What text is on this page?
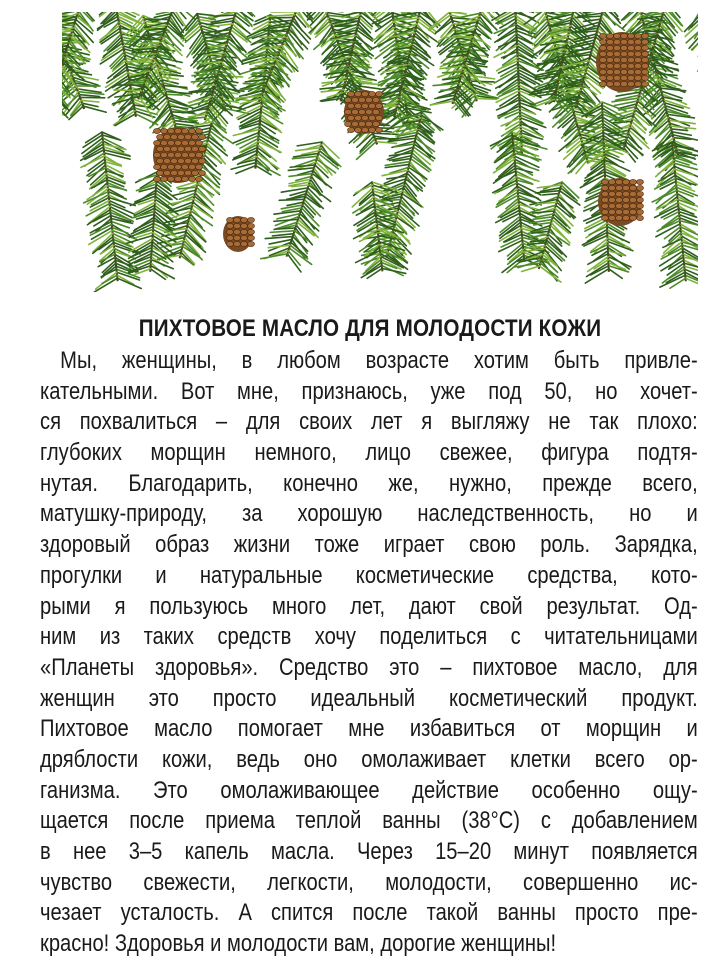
ПИХТОВОЕ МАСЛО ДЛЯ МОЛОДОСТИ КОЖИ
Мы, женщины, в любом возрасте хотим быть привле-
кательными. Вот мне, признаюсь, уже под 50, но хочет-
ся похвалиться – для своих лет я выгляжу не так плохо:
глубоких морщин немного, лицо свежее, фигура подтя-
нутая. Благодарить, конечно же, нужно, прежде всего,
матушку-природу, за хорошую наследственность, но и
здоровый образ жизни тоже играет свою роль. Зарядка,
прогулки и натуральные косметические средства, кото-
рыми я пользуюсь много лет, дают свой результат. Од-
ним из таких средств хочу поделиться с читательницами
«Планеты здоровья». Средство это – пихтовое масло, для
женщин это просто идеальный косметический продукт.
Пихтовое масло помогает мне избавиться от морщин и
дряблости кожи, ведь оно омолаживает клетки всего ор-
ганизма. Это омолаживающее действие особенно ощу-
щается после приема теплой ванны (38°С) с добавлением
в нее 3–5 капель масла. Через 15–20 минут появляется
чувство свежести, легкости, молодости, совершенно ис-
чезает усталость. А спится после такой ванны просто пре-
красно! Здоровья и молодости вам, дорогие женщины!
